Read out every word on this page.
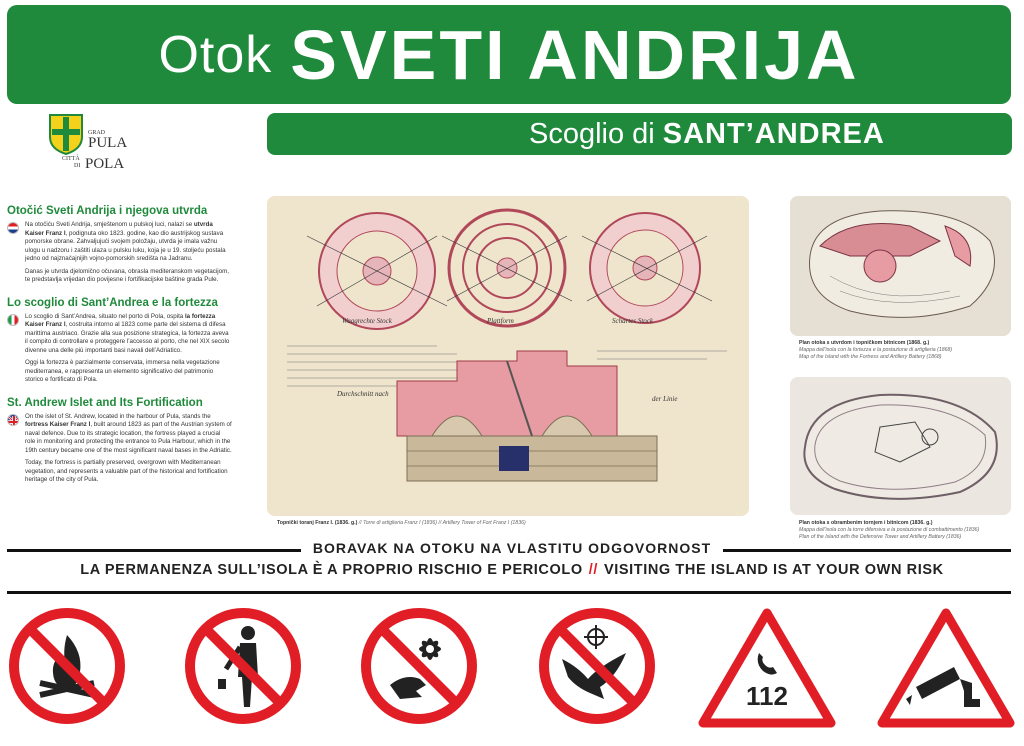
Otok SVETI ANDRIJA
Scoglio di SANT’ANDREA
GRAD
PULA
CITTÀ
DI POLA
Otočić Sveti Andrija i njegova utvrda

Na otočiću Sveti Andrija, smještenom u pulskoj luci, nalazi se utvrda Kaiser Franz I, podignuta oko 1823. godine, kao dio austrijskog sustava pomorske obrane. Zahvaljujući svojem položaju, utvrda je imala važnu ulogu u nadzoru i zaštiti ulaza u pulsku luku, koja je u 19. stoljeću postala jedno od najznačajnijih vojno-pomorskih središta na Jadranu.

Danas je utvrda djelomično očuvana, obrasla mediteranskom vegetacijom, te predstavlja vrijedan dio povijesne i fortifikacijske baštine grada Pule.

Lo scoglio di Sant’Andrea e la fortezza

Lo scoglio di Sant’Andrea, situato nel porto di Pola, ospita la fortezza Kaiser Franz I, costruita intorno al 1823 come parte del sistema di difesa marittima austriaco. Grazie alla sua posizione strategica, la fortezza aveva il compito di controllare e proteggere l’accesso al porto, che nel XIX secolo divenne una delle più importanti basi navali dell’Adriatico.

Oggi la fortezza è parzialmente conservata, immersa nella vegetazione mediterranea, e rappresenta un elemento significativo del patrimonio storico e fortificato di Pola.

St. Andrew Islet and Its Fortification

On the islet of St. Andrew, located in the harbour of Pula, stands the fortress Kaiser Franz I, built around 1823 as part of the Austrian system of naval defence. Due to its strategic location, the fortress played a crucial role in monitoring and protecting the entrance to Pula Harbour, which in the 19th century became one of the most significant naval bases in the Adriatic.

Today, the fortress is partially preserved, overgrown with Mediterranean vegetation, and represents a valuable part of the historical and fortification heritage of the city of Pula.

Waagrechte Stock	Plattform	Schartes Stock
Durchschnitt nach
der Linie
Topnički toranj Franz I. (1836. g.) // Torre di artiglieria Franz I (1836) // Artillery Tower of Fort Franz I (1836)
Plan otoka s utvrdom i topničkom bitnicom (1868. g.)
Mappa dell’isola con la fortezza e la postazione di artiglieria (1868)
Map of the Island with the Fortress and Artillery Battery (1868)
Plan otoka s obrambenim tornjem i bitnicom (1836. g.)
Mappa dell’isola con la torre difensiva e la postazione di combattimento (1836)
Plan of the Island with the Defensive Tower and Artillery Battery (1836)
BORAVAK NA OTOKU NA VLASTITU ODGOVORNOST
LA PERMANENZA SULL’ISOLA È A PROPRIO RISCHIO E PERICOLO // VISITING THE ISLAND IS AT YOUR OWN RISK
112
